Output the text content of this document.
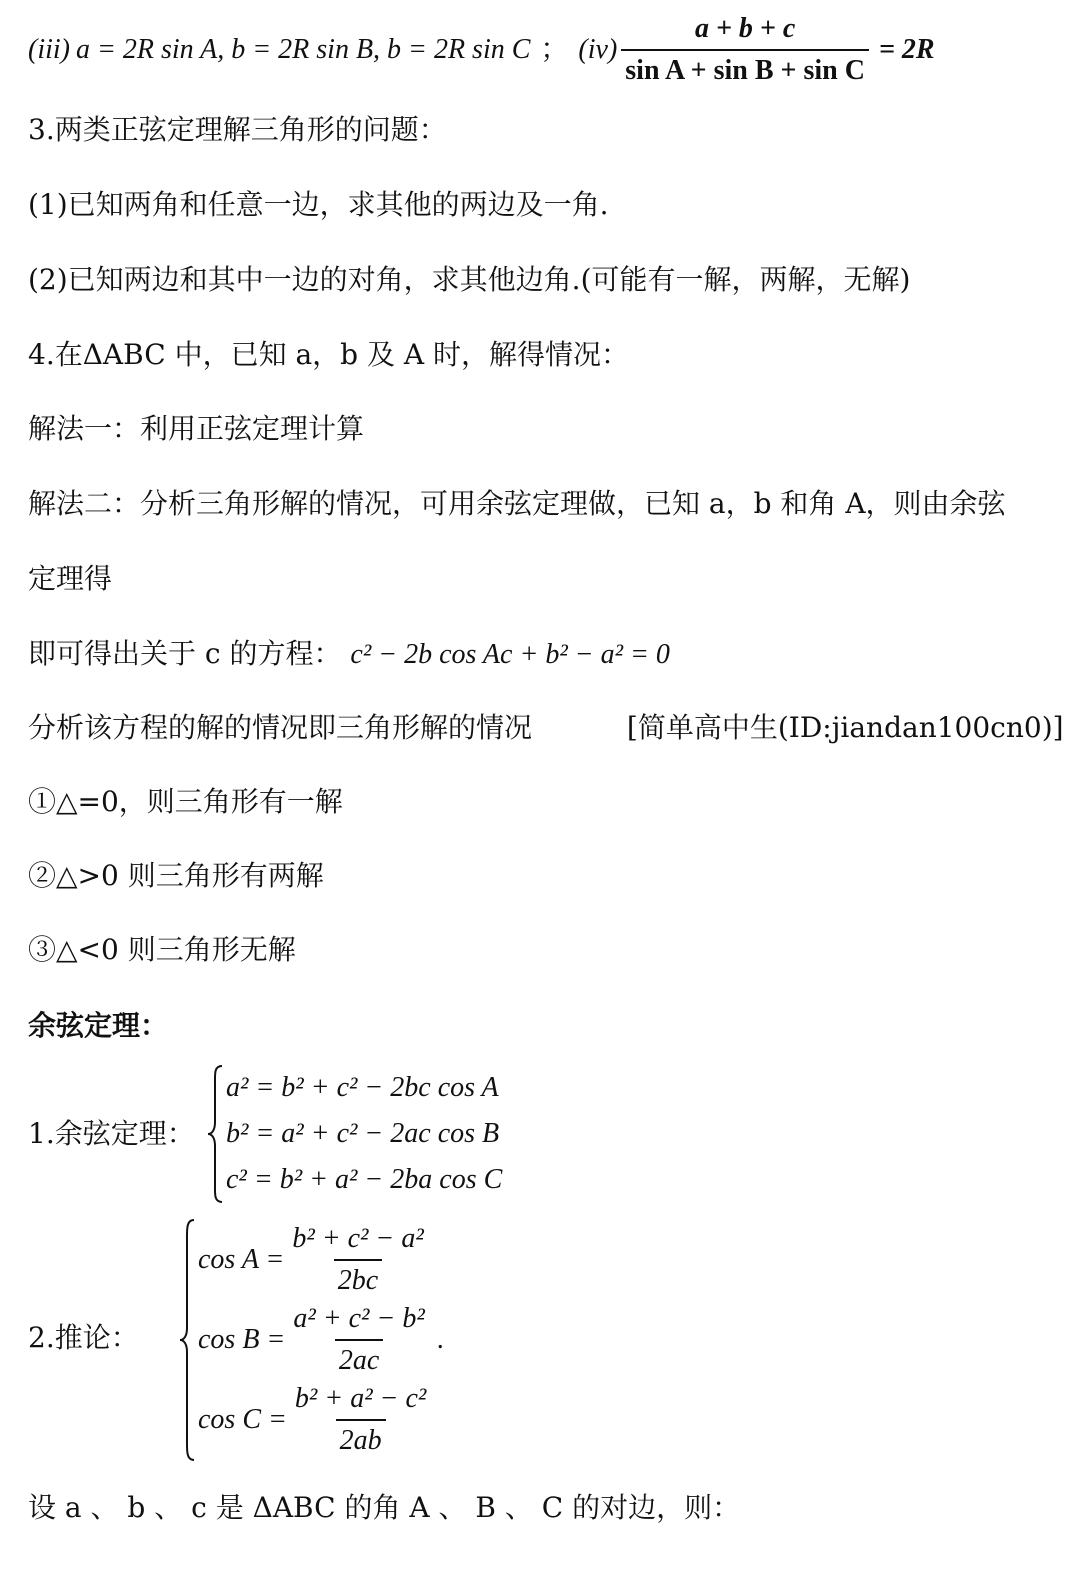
(iii) a = 2R sin A, b = 2R sin B, b = 2R sin C ； $(iv) \frac{a + b + c}{\text{sin A + sin B + sin C}} = 2R$
3.两类正弦定理解三角形的问题：
(1)已知两角和任意一边，求其他的两边及一角.
(2)已知两边和其中一边的对角，求其他边角.(可能有一解，两解，无解)
4.在ΔABC 中，已知 a，b 及 A 时，解得情况：
解法一：利用正弦定理计算
解法二：分析三角形解的情况，可用余弦定理做，已知 a，b 和角 A，则由余弦
定理得
即可得出关于 c 的方程： c² − 2b cos Ac + b² − a² = 0
分析该方程的解的情况即三角形解的情况	[简单高中生(ID:jiandan100cn0)]
①△=0，则三角形有一解
②△>0 则三角形有两解
③△<0 则三角形无解
余弦定理：
1.余弦定理：
a² = b² + c² − 2bc cos A
b² = a² + c² − 2ac cos B
c² = b² + a² − 2ba cos C
2.推论：
$\cos A = \frac{\text{b² + c² − a²}}{2bc}$
$\cos B = \frac{\text{a² + c² − b²}}{2ac}$ .
$\cos C = \frac{\text{b² + a² − c²}}{2ab}$
设 a 、 b 、 c 是 ΔABC 的角 A 、 B 、 C 的对边，则：
